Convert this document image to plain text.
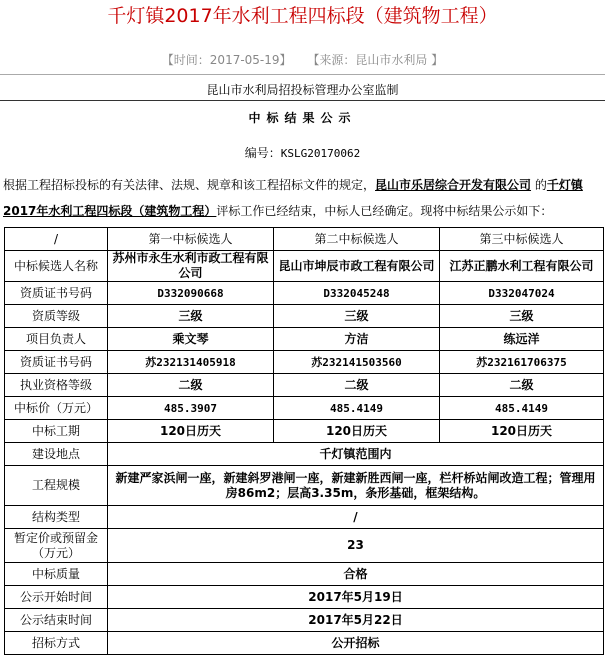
千灯镇2017年水利工程四标段（建筑物工程）
【时间：2017-05-19】 【来源：昆山市水利局 】
昆山市水利局招投标管理办公室监制
中标结果公示
编号：KSLG20170062
根据工程招标投标的有关法律、法规、规章和该工程招标文件的规定，昆山市乐居综合开发有限公司 的千灯镇2017年水利工程四标段（建筑物工程）评标工作已经结束，中标人已经确定。现将中标结果公示如下：
/	第一中标候选人	第二中标候选人	第三中标候选人
中标候选人名称	苏州市永生水利市政工程有限公司	昆山市坤辰市政工程有限公司	江苏正鹏水利工程有限公司
资质证书号码	D332090668	D332045248	D332047024
资质等级	三级	三级	三级
项目负责人	乘文琴	方洁	练远洋
资质证书号码	苏232131405918	苏232141503560	苏232161706375
执业资格等级	二级	二级	二级
中标价（万元）	485.3907	485.4149	485.4149
中标工期	120日历天	120日历天	120日历天
建设地点	千灯镇范围内		
工程规模	新建严家浜闸一座，新建斜罗港闸一座，新建新胜西闸一座，栏杆桥站闸改造工程；管理用房86m2；层高3.35m，条形基础，框架结构。		
结构类型	/		
暂定价或预留金（万元）	23		
中标质量	合格		
公示开始时间	2017年5月19日		
公示结束时间	2017年5月22日		
招标方式	公开招标		
